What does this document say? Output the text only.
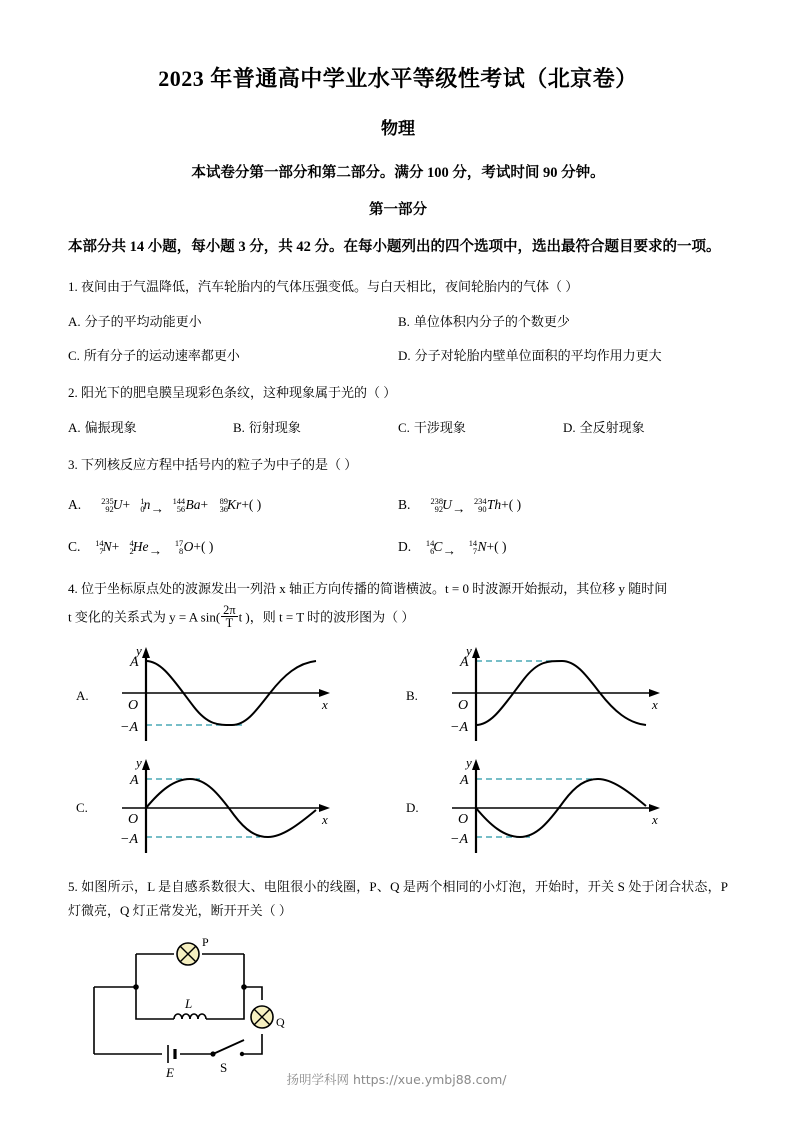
2023 年普通高中学业水平等级性考试（北京卷）
物理
本试卷分第一部分和第二部分。满分 100 分，考试时间 90 分钟。
第一部分
本部分共 14 小题，每小题 3 分，共 42 分。在每小题列出的四个选项中，选出最符合题目要求的一项。
1. 夜间由于气温降低，汽车轮胎内的气体压强变低。与白天相比，夜间轮胎内的气体（ ）
A. 分子的平均动能更小	B. 单位体积内分子的个数更少
C. 所有分子的运动速率都更小	D. 分子对轮胎内壁单位面积的平均作用力更大
2. 阳光下的肥皂膜呈现彩色条纹，这种现象属于光的（ ）
A. 偏振现象	B. 衍射现象	C. 干涉现象	D. 全反射现象
3. 下列核反应方程中括号内的粒子为中子的是（ ）
A. 235
92 U+ 1
0 n →
144
56 Ba+ 89
36 Kr+( )	B. 238
92 U →
234
90 Th+( )
C. 14
7 N+ 4
2 He →
17
8 O+( )	D. 14
6 C →
14
7 N+( )
4. 位于坐标原点处的波源发出一列沿 x 轴正方向传播的简谐横波。t = 0 时波源开始振动，其位移 y 随时间
t 变化的关系式为 y = A $\sin( \frac{2\pi}{T}$ t )，则 t = T 时的波形图为（ ）
A.
A
O
−A
y
x
B.
A
O
−A
y
x
C.
A
O
−A
y
x
D.
A
O
−A
y
x
5. 如图所示，L 是自感系数很大、电阻很小的线圈，P、Q 是两个相同的小灯泡，开始时，开关 S 处于闭合状态，P 灯微亮，Q 灯正常发光，断开开关（ ）
P
Q
L
E	S
扬明学科网 https://xue.ymbj88.com/
